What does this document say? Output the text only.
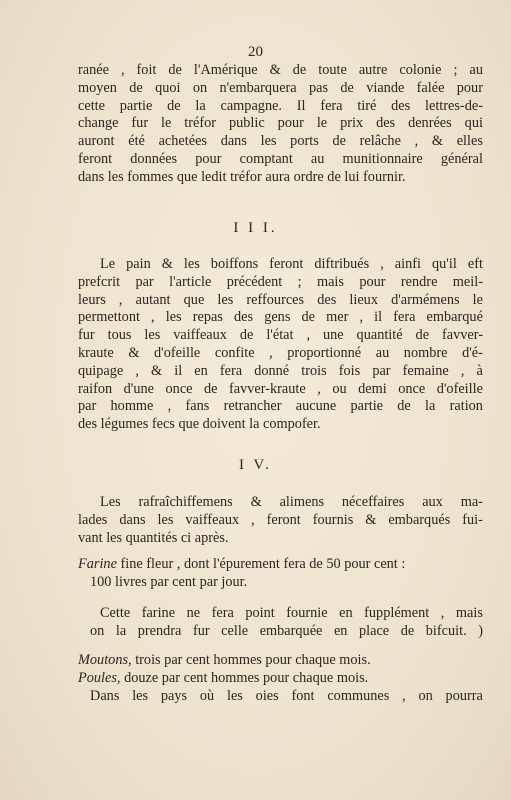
20
ranée , foit de l'Amérique & de toute autre colonie ; au
moyen de quoi on n'embarquera pas de viande falée pour
cette partie de la campagne. Il fera tiré des lettres-de-
change fur le tréfor public pour le prix des denrées qui
auront été achetées dans les ports de relâche , & elles
feront données pour comptant au munitionnaire général
dans les fommes que ledit tréfor aura ordre de lui fournir.
I I I.
Le pain & les boiffons feront diftribués , ainfi qu'il eft
prefcrit par l'article précédent ; mais pour rendre meil-
leurs , autant que les reffources des lieux d'armémens le
permettont , les repas des gens de mer , il fera embarqué
fur tous les vaiffeaux de l'état , une quantité de favver-
kraute & d'ofeille confite , proportionné au nombre d'é-
quipage , & il en fera donné trois fois par femaine , à
raifon d'une once de favver-kraute , ou demi once d'ofeille
par homme , fans retrancher aucune partie de la ration
des légumes fecs que doivent la compofer.
I V.
Les rafraîchiffemens & alimens néceffaires aux ma-
lades dans les vaiffeaux , feront fournis & embarqués fui-
vant les quantités ci après.
Farine
fine fleur , dont l'épurement fera de 50 pour cent :
100 livres par cent par jour.
Cette farine ne fera point fournie en fupplément , mais
on la prendra fur celle embarquée en place de bifcuit. )
Moutons , trois par cent hommes pour chaque mois.
Poules , douze par cent hommes pour chaque mois.
Dans les pays où les oies font communes , on pourra
